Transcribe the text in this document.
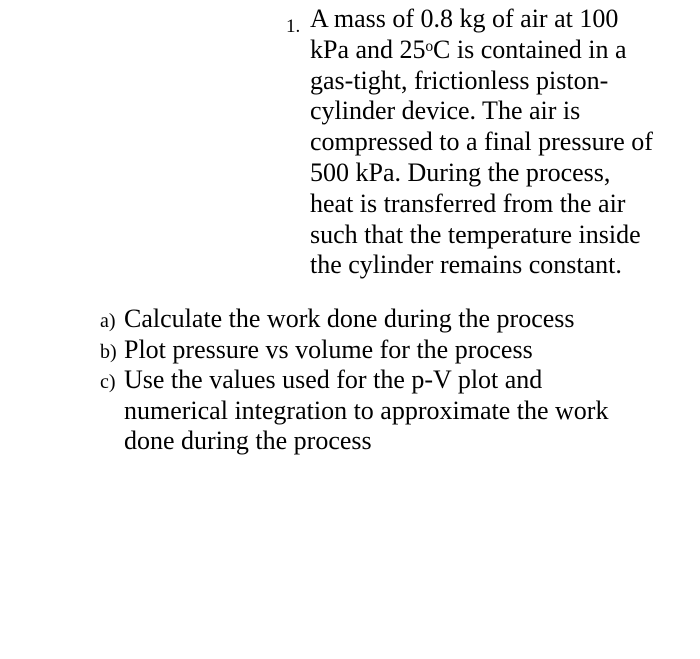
1. A mass of 0.8 kg of air at 100
kPa and 25ᵒC is contained in a
gas-tight, frictionless piston-
cylinder device. The air is
compressed to a final pressure of
500 kPa. During the process,
heat is transferred from the air
such that the temperature inside
the cylinder remains constant.
a) Calculate the work done during the process
b) Plot pressure vs volume for the process
c) Use the values used for the p-V plot and
numerical integration to approximate the work
done during the process
